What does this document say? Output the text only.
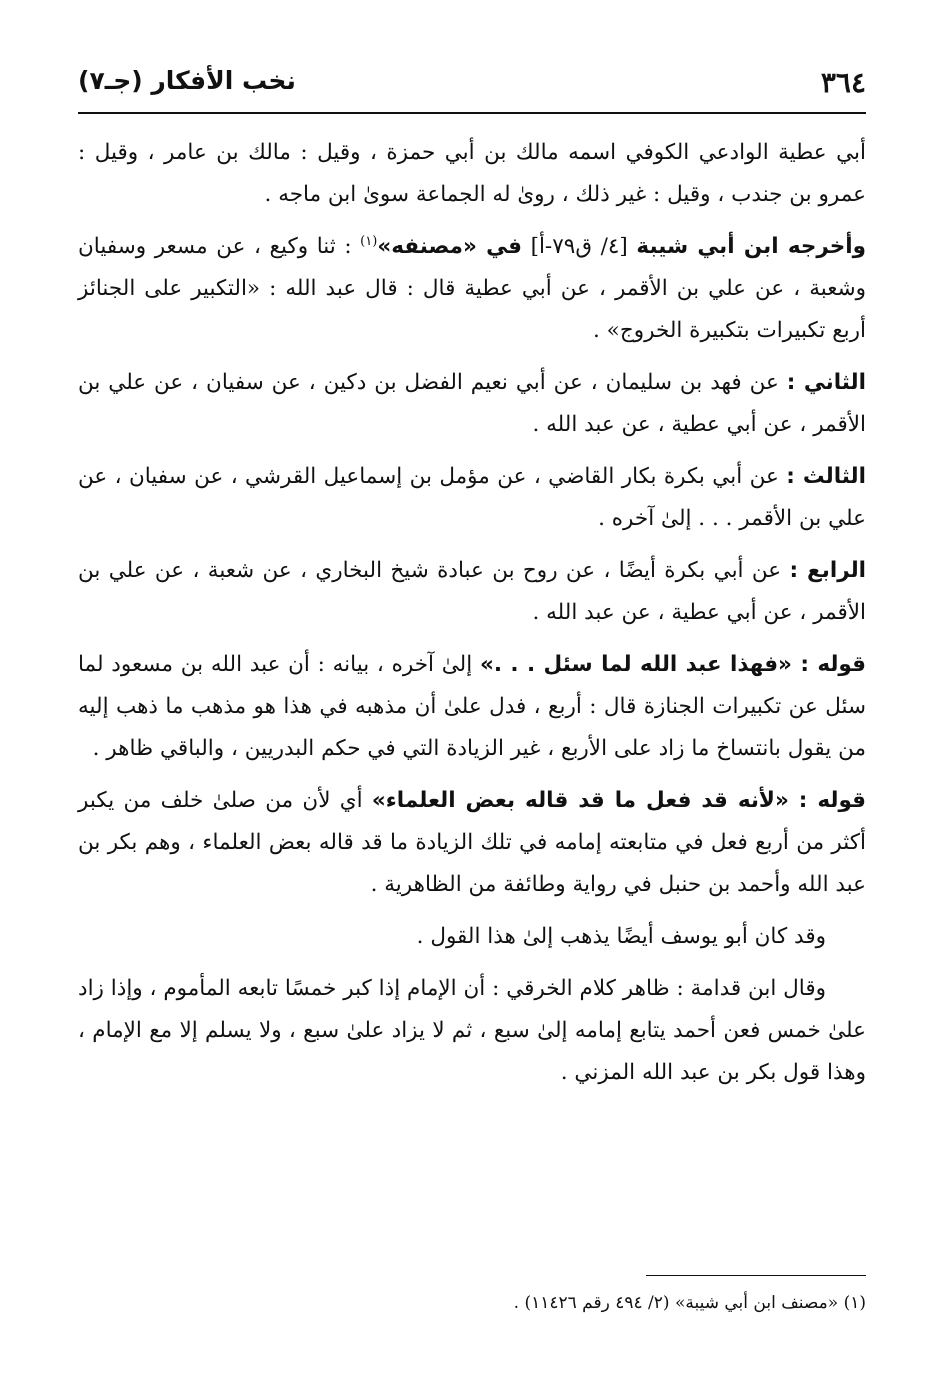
٣٦٤
نخب الأفكار (جـ٧)

أبي عطية الوادعي الكوفي اسمه مالك بن أبي حمزة ، وقيل : مالك بن عامر ، وقيل : عمرو بن جندب ، وقيل : غير ذلك ، روىٰ له الجماعة سوىٰ ابن ماجه .

وأخرجه ابن أبي شيبة [٤/ ق٧٩-أ] في «مصنفه»$^{(١)}$ : ثنا وكيع ، عن مسعر وسفيان وشعبة ، عن علي بن الأقمر ، عن أبي عطية قال : قال عبد الله : «التكبير على الجنائز أربع تكبيرات بتكبيرة الخروج» .

الثاني : عن فهد بن سليمان ، عن أبي نعيم الفضل بن دكين ، عن سفيان ، عن علي بن الأقمر ، عن أبي عطية ، عن عبد الله .

الثالث : عن أبي بكرة بكار القاضي ، عن مؤمل بن إسماعيل القرشي ، عن سفيان ، عن علي بن الأقمر . . . إلىٰ آخره .

الرابع : عن أبي بكرة أيضًا ، عن روح بن عبادة شيخ البخاري ، عن شعبة ، عن علي بن الأقمر ، عن أبي عطية ، عن عبد الله .

قوله : «فهذا عبد الله لما سئل . . .» إلىٰ آخره ، بيانه : أن عبد الله بن مسعود لما سئل عن تكبيرات الجنازة قال : أربع ، فدل علىٰ أن مذهبه في هذا هو مذهب ما ذهب إليه من يقول بانتساخ ما زاد على الأربع ، غير الزيادة التي في حكم البدريين ، والباقي ظاهر .

قوله : «لأنه قد فعل ما قد قاله بعض العلماء» أي لأن من صلىٰ خلف من يكبر أكثر من أربع فعل في متابعته إمامه في تلك الزيادة ما قد قاله بعض العلماء ، وهم بكر بن عبد الله وأحمد بن حنبل في رواية وطائفة من الظاهرية .

وقد كان أبو يوسف أيضًا يذهب إلىٰ هذا القول .

وقال ابن قدامة : ظاهر كلام الخرقي : أن الإمام إذا كبر خمسًا تابعه المأموم ، وإذا زاد علىٰ خمس فعن أحمد يتابع إمامه إلىٰ سبع ، ثم لا يزاد علىٰ سبع ، ولا يسلم إلا مع الإمام ، وهذا قول بكر بن عبد الله المزني .

(١) «مصنف ابن أبي شيبة» (٢/ ٤٩٤ رقم ١١٤٢٦) .
